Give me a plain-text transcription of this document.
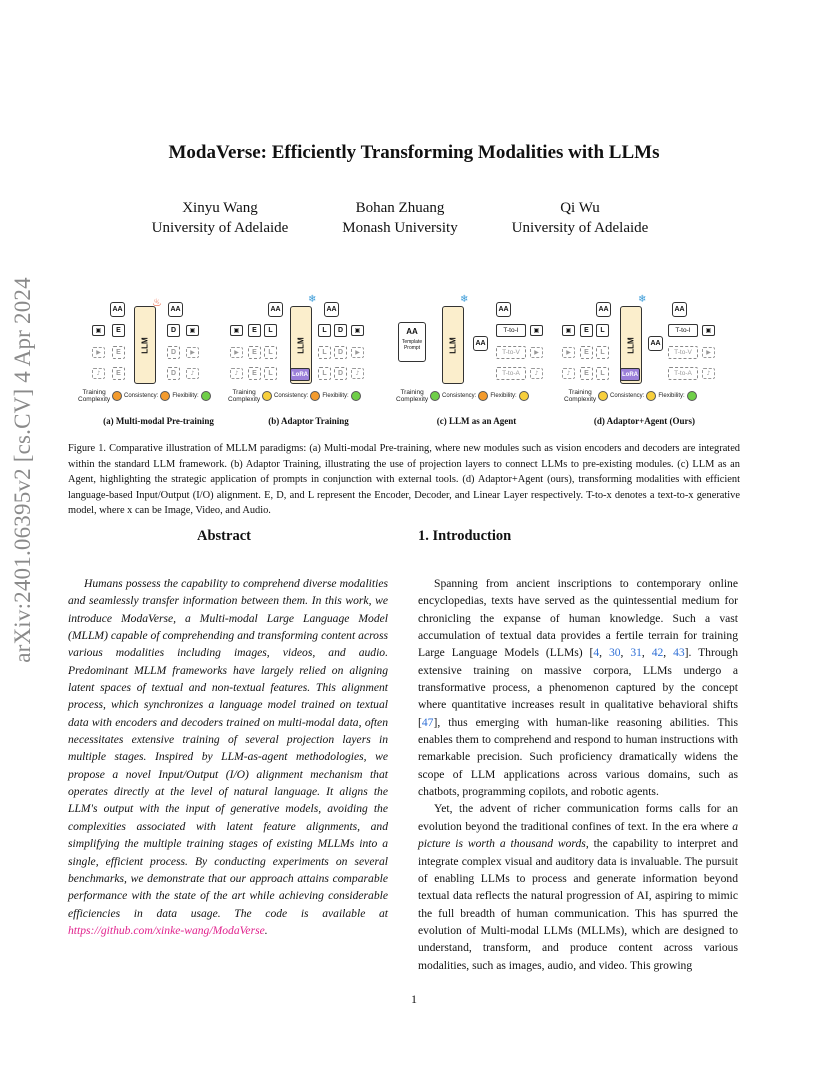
arXiv:2401.06395v2 [cs.CV] 4 Apr 2024
ModaVerse: Efficiently Transforming Modalities with LLMs
Xinyu Wang
University of Adelaide
Bohan Zhuang
Monash University
Qi Wu
University of Adelaide
AA	AA
▣
▶
♪
E
E
E
LLM
♨
D
D
D
▣
▶
♪
Training
Complexity Consistency: Flexibility:
(a) Multi-modal Pre-training
AA	AA
▣
▶
♪
E
E
E
L
L
L
LLM
LoRA
❄
L
L
L
D
D
D
▣
▶
♪
Training
Complexity Consistency: Flexibility:
(b) Adaptor Training
AA
Template
Prompt	LLM
❄
AA
AA
T-to-I
T-to-V
T-to-A
▣
▶
♪
Training
Complexity Consistency: Flexibility:
(c) LLM as an Agent
AA
▣
▶
♪
E
E
E
L
L
L
LLM
LoRA
❄
AA
AA
T-to-I
T-to-V
T-to-A
▣
▶
♪
Training
Complexity Consistency: Flexibility:
(d) Adaptor+Agent (Ours)
Figure 1. Comparative illustration of MLLM paradigms: (a) Multi-modal Pre-training, where new modules such as vision encoders and decoders are integrated within the standard LLM framework. (b) Adaptor Training, illustrating the use of projection layers to connect LLMs to pre-existing modules. (c) LLM as an Agent, highlighting the strategic application of prompts in conjunction with external tools. (d) Adaptor+Agent (ours), transforming modalities with efficient language-based Input/Output (I/O) alignment. E, D, and L represent the Encoder, Decoder, and Linear Layer respectively. T-to-x denotes a text-to-x generative model, where x can be Image, Video, and Audio.
Abstract	1. Introduction
Humans possess the capability to comprehend diverse modalities and seamlessly transfer information between them. In this work, we introduce ModaVerse, a Multi-modal Large Language Model (MLLM) capable of comprehending and transforming content across various modalities including images, videos, and audio. Predominant MLLM frameworks have largely relied on aligning latent spaces of textual and non-textual features. This alignment process, which synchronizes a language model trained on textual data with encoders and decoders trained on multi-modal data, often necessitates extensive training of several projection layers in multiple stages. Inspired by LLM-as-agent methodologies, we propose a novel Input/Output (I/O) alignment mechanism that operates directly at the level of natural language. It aligns the LLM's output with the input of generative models, avoiding the complexities associated with latent feature alignments, and simplifying the multiple training stages of existing MLLMs into a single, efficient process. By conducting experiments on several benchmarks, we demonstrate that our approach attains comparable performance with the state of the art while achieving considerable efficiencies in data usage. The code is available at https://github.com/xinke-wang/ModaVerse.

Spanning from ancient inscriptions to contemporary online encyclopedias, texts have served as the quintessential medium for chronicling the expanse of human knowledge. Such a vast accumulation of textual data provides a fertile terrain for training Large Language Models (LLMs) [4, 30, 31, 42, 43]. Through extensive training on massive corpora, LLMs undergo a transformative process, a phenomenon captured by the concept where quantitative increases result in qualitative behavioral shifts [47], thus emerging with human-like reasoning abilities. This enables them to comprehend and respond to human instructions with remarkable precision. Such proficiency dramatically widens the scope of LLM applications across various domains, such as chatbots, programming copilots, and robotic agents.

Yet, the advent of richer communication forms calls for an evolution beyond the traditional confines of text. In the era where a picture is worth a thousand words, the capability to interpret and integrate complex visual and auditory data is invaluable. The pursuit of enabling LLMs to process and generate information beyond textual data reflects the natural progression of AI, aspiring to mimic the full breadth of human communication. This has spurred the evolution of Multi-modal LLMs (MLLMs), which are designed to understand, transform, and produce content across various modalities, such as images, audio, and video. This growing

1
